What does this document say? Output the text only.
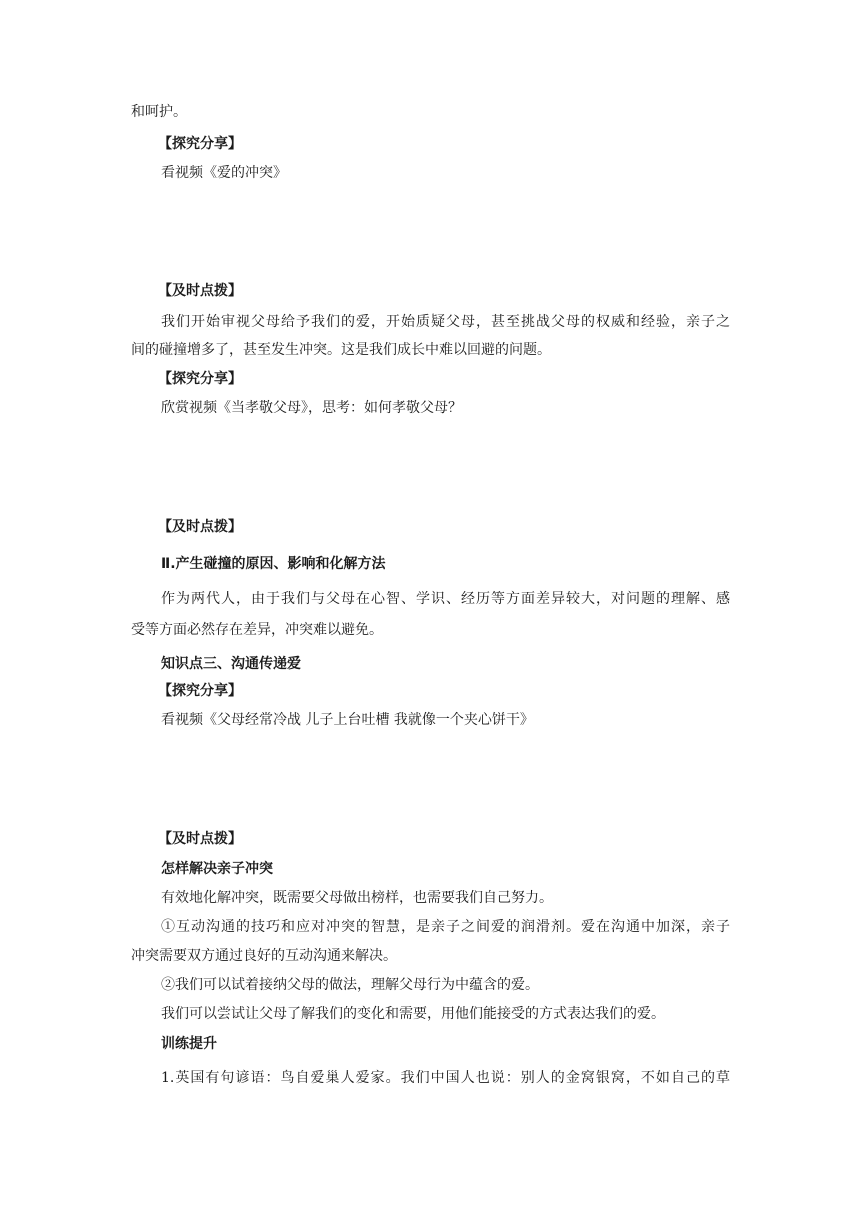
和呵护。
【探究分享】
看视频《爱的冲突》
【及时点拨】
我们开始审视父母给予我们的爱，开始质疑父母，甚至挑战父母的权威和经验，亲子之
间的碰撞增多了，甚至发生冲突。这是我们成长中难以回避的问题。
【探究分享】
欣赏视频《当孝敬父母》，思考：如何孝敬父母？
【及时点拨】
Ⅱ.产生碰撞的原因、影响和化解方法
作为两代人，由于我们与父母在心智、学识、经历等方面差异较大，对问题的理解、感
受等方面必然存在差异，冲突难以避免。
知识点三、沟通传递爱
【探究分享】
看视频《父母经常冷战 儿子上台吐槽 我就像一个夹心饼干》
【及时点拨】
怎样解决亲子冲突
有效地化解冲突，既需要父母做出榜样，也需要我们自己努力。
①互动沟通的技巧和应对冲突的智慧，是亲子之间爱的润滑剂。爱在沟通中加深，亲子
冲突需要双方通过良好的互动沟通来解决。
②我们可以试着接纳父母的做法，理解父母行为中蕴含的爱。
我们可以尝试让父母了解我们的变化和需要，用他们能接受的方式表达我们的爱。
训练提升
1.英国有句谚语：鸟自爱巢人爱家。我们中国人也说：别人的金窝银窝，不如自己的草
